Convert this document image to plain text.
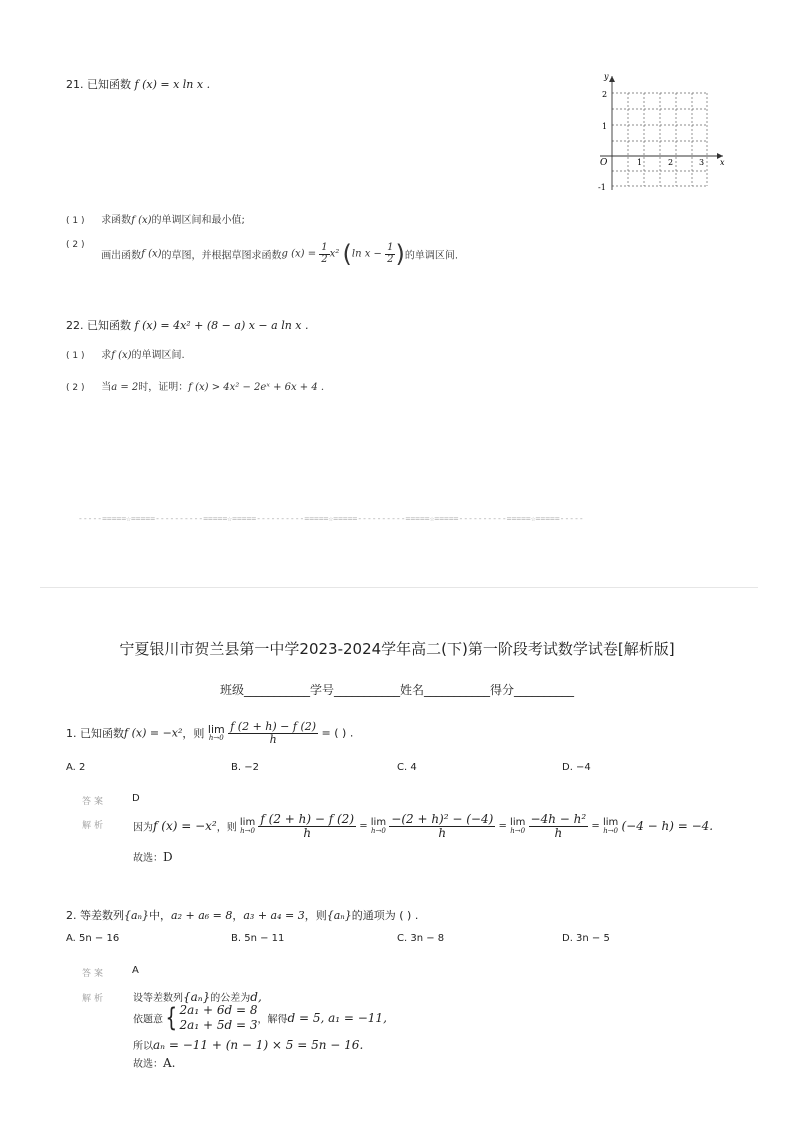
21. 已知函数 f (x) = x ln x .
y
x
O
2
1
-1
1	2	3
( 1 ) 求函数f (x)的单调区间和最小值;
( 2 ) 画出函数f (x)的草图，并根据草图求函数g $(x) = \frac{1}{2} x^2$ (ln $x - \frac{1}{2}$ )的单调区间.
22. 已知函数 f (x) = 4x² + (8 − a) x − a ln x .
( 1 ) 求f (x)的单调区间.
( 2 ) 当a = 2时，证明：f (x) > 4x² − 2eˣ + 6x + 4 .
-----=====☆=====----------=====☆=====----------=====☆=====----------=====☆=====----------=====☆=====-----
宁夏银川市贺兰县第一中学2023-2024学年高二(下)第一阶段考试数学试卷[解析版]
班级___________学号___________姓名___________得分__________
1. 已知函数f (x) = −x²，则 lim
h→0
$\frac{f (2 + h) - f (2)}{h}$ = ( ) .
A. 2	B. −2	C. 4	D. −4
答案	D
解析	因为f (x) = −x²，则
lim
h→0
$\frac{f (2 + h) - f (2)}{h} = \lim$
h→0
$\frac{\text{−(2 + h)² − (−4)}}{h} = \lim$
h→0
$\frac{\text{−4h − h²}}{h} = \lim$
h→0 (−4 − h) = −4.
故选：D
2. 等差数列{aₙ}中，a₂ + a₆ = 8，a₃ + a₄ = 3，则{aₙ}的通项为 ( ) .
A. 5n − 16	B. 5n − 11	C. 3n − 8	D. 3n − 5
答案	A
解析	设等差数列{aₙ}的公差为d,
依题意{ 2a₁ + 6d = 8
2a₁ + 5d = 3 ，解得d = 5, a₁ = −11,
所以aₙ = −11 + (n − 1) × 5 = 5n − 16.
故选：A.
